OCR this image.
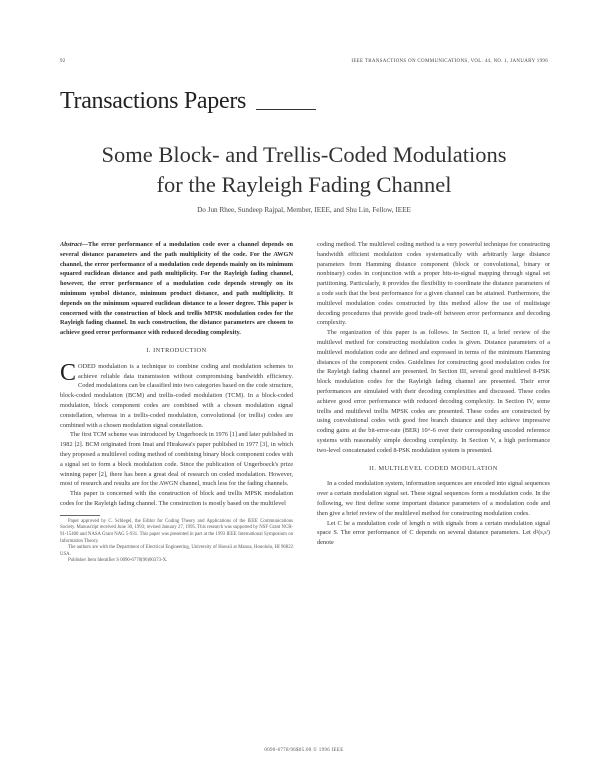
92	IEEE TRANSACTIONS ON COMMUNICATIONS, VOL. 44, NO. 1, JANUARY 1996
Transactions Papers
Some Block- and Trellis-Coded Modulations
for the Rayleigh Fading Channel
Do Jun Rhee, Sundeep Rajpal, Member, IEEE, and Shu Lin, Fellow, IEEE

Abstract—The error performance of a modulation code over a channel depends on several distance parameters and the path multiplicity of the code. For the AWGN channel, the error performance of a modulation code depends mainly on its minimum squared euclidean distance and path multiplicity. For the Rayleigh fading channel, however, the error performance of a modulation code depends strongly on its minimum symbol distance, minimum product distance, and path multiplicity. It depends on the minimum squared euclidean distance to a lesser degree. This paper is concerned with the construction of block and trellis MPSK modulation codes for the Rayleigh fading channel. In such construction, the distance parameters are chosen to achieve good error performance with reduced decoding complexity.

I. INTRODUCTION

CODED modulation is a technique to combine coding and modulation schemes to achieve reliable data transmission without compromising bandwidth efficiency. Coded modulations can be classified into two categories based on the code structure, block-coded modulation (BCM) and trellis-coded modulation (TCM). In a block-coded modulation, block component codes are combined with a chosen modulation signal constellation, whereas in a trellis-coded modulation, convolutional (or trellis) codes are combined with a chosen modulation signal constellation.

The first TCM scheme was introduced by Ungerboeck in 1976 [1] and later published in 1982 [2]. BCM originated from Imai and Hirakawa's paper published in 1977 [3], in which they proposed a multilevel coding method of combining binary block component codes with a signal set to form a block modulation code. Since the publication of Ungerboeck's prize winning paper [2], there has been a great deal of research on coded modulation. However, most of research and results are for the AWGN channel, much less for the fading channels.

This paper is concerned with the construction of block and trellis MPSK modulation codes for the Rayleigh fading channel. The construction is mostly based on the multilevel

Paper approved by C. Schlegel, the Editor for Coding Theory and Applications of the IEEE Communications Society. Manuscript received June 30, 1993; revised January 27, 1995. This research was supported by NSF Grant NCR-91-15400 and NASA Grant NAG 5-931. This paper was presented in part at the 1993 IEEE International Symposium on Information Theory.

The authors are with the Department of Electrical Engineering, University of Hawaii at Manoa, Honolulu, HI 96822 USA.

Publisher Item Identifier S 0090-6778(96)00373-X.

coding method. The multilevel coding method is a very powerful technique for constructing bandwidth efficient modulation codes systematically with arbitrarily large distance parameters from Hamming distance component (block or convolutional, binary or nonbinary) codes in conjunction with a proper bits-to-signal mapping through signal set partitioning. Particularly, it provides the flexibility to coordinate the distance parameters of a code such that the best performance for a given channel can be attained. Furthermore, the multilevel modulation codes constructed by this method allow the use of multistage decoding procedures that provide good trade-off between error performance and decoding complexity.

The organization of this paper is as follows. In Section II, a brief review of the multilevel method for constructing modulation codes is given. Distance parameters of a multilevel modulation code are defined and expressed in terms of the minimum Hamming distances of the component codes. Guidelines for constructing good modulation codes for the Rayleigh fading channel are presented. In Section III, several good multilevel 8-PSK block modulation codes for the Rayleigh fading channel are presented. Their error performances are simulated with their decoding complexities and discussed. These codes achieve good error performance with reduced decoding complexity. In Section IV, some trellis and multilevel trellis MPSK codes are presented. These codes are constructed by using convolutional codes with good free branch distance and they achieve impressive coding gains at the bit-error-rate (BER) 10^-6 over their corresponding uncoded reference systems with reasonably simple decoding complexity. In Section V, a high performance two-level concatenated coded 8-PSK modulation system is presented.

II. MULTILEVEL CODED MODULATION

In a coded modulation system, information sequences are encoded into signal sequences over a certain modulation signal set. These signal sequences form a modulation code. In the following, we first define some important distance parameters of a modulation code and then give a brief review of the multilevel method for constructing modulation codes.

Let C be a modulation code of length n with signals from a certain modulation signal space S. The error performance of C depends on several distance parameters. Let d²(s,s') denote

0090-6778/96$05.00 © 1996 IEEE
